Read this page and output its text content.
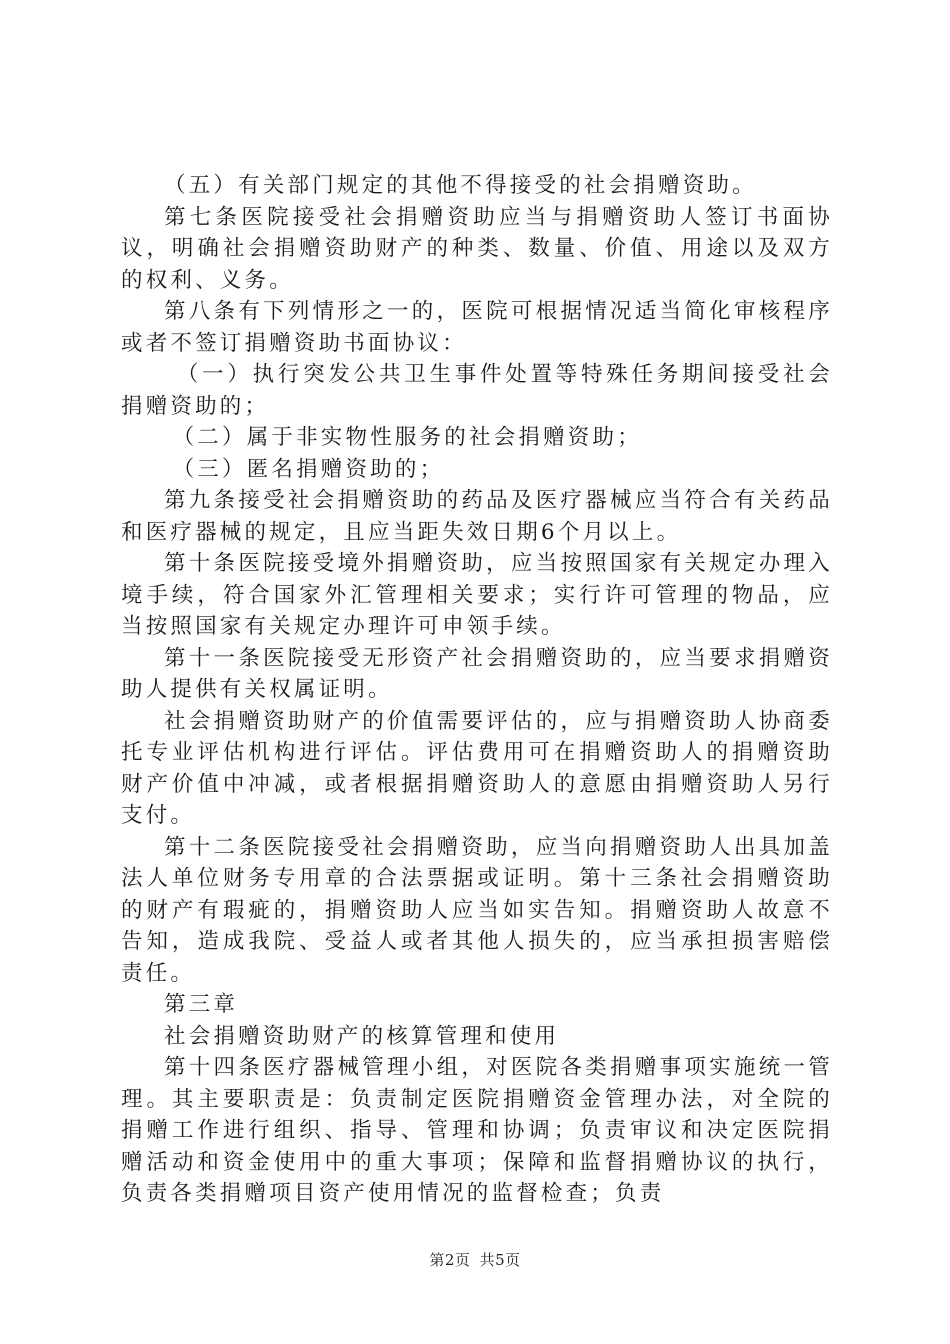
（五）有关部门规定的其他不得接受的社会捐赠资助。

第七条医院接受社会捐赠资助应当与捐赠资助人签订书面协议，明确社会捐赠资助财产的种类、数量、价值、用途以及双方的权利、义务。

第八条有下列情形之一的，医院可根据情况适当简化审核程序或者不签订捐赠资助书面协议：

（一）执行突发公共卫生事件处置等特殊任务期间接受社会捐赠资助的；

（二）属于非实物性服务的社会捐赠资助；

（三）匿名捐赠资助的；

第九条接受社会捐赠资助的药品及医疗器械应当符合有关药品和医疗器械的规定，且应当距失效日期6个月以上。

第十条医院接受境外捐赠资助，应当按照国家有关规定办理入境手续，符合国家外汇管理相关要求；实行许可管理的物品，应当按照国家有关规定办理许可申领手续。

第十一条医院接受无形资产社会捐赠资助的，应当要求捐赠资助人提供有关权属证明。

社会捐赠资助财产的价值需要评估的，应与捐赠资助人协商委托专业评估机构进行评估。评估费用可在捐赠资助人的捐赠资助财产价值中冲减，或者根据捐赠资助人的意愿由捐赠资助人另行支付。

第十二条医院接受社会捐赠资助，应当向捐赠资助人出具加盖法人单位财务专用章的合法票据或证明。第十三条社会捐赠资助的财产有瑕疵的，捐赠资助人应当如实告知。捐赠资助人故意不告知，造成我院、受益人或者其他人损失的，应当承担损害赔偿责任。

第三章

社会捐赠资助财产的核算管理和使用

第十四条医疗器械管理小组，对医院各类捐赠事项实施统一管理。其主要职责是：负责制定医院捐赠资金管理办法，对全院的捐赠工作进行组织、指导、管理和协调；负责审议和决定医院捐赠活动和资金使用中的重大事项；保障和监督捐赠协议的执行，负责各类捐赠项目资产使用情况的监督检查；负责

第2页 共5页
